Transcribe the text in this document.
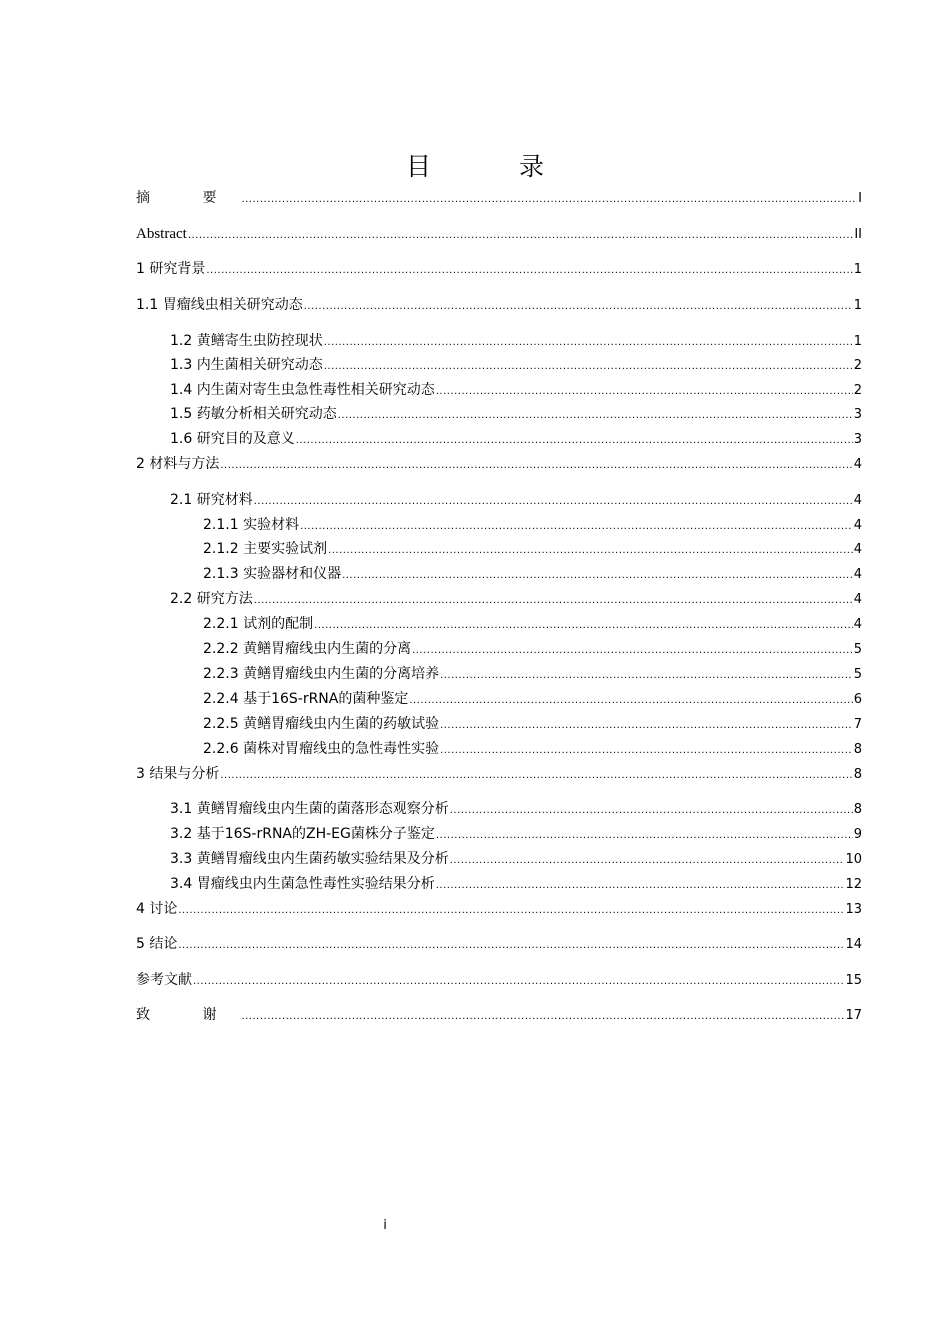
目 录
摘 要 .....	I
Abstract .....	II
1 研究背景 .....	1
1.1 胃瘤线虫相关研究动态 .....	1
1.2 黄鳝寄生虫防控现状 .....	1
1.3 内生菌相关研究动态 .....	2
1.4 内生菌对寄生虫急性毒性相关研究动态 .....	2
1.5 药敏分析相关研究动态 .....	3
1.6 研究目的及意义 .....	3
2 材料与方法 .....	4
2.1 研究材料 .....	4
2.1.1 实验材料 .....	4
2.1.2 主要实验试剂 .....	4
2.1.3 实验器材和仪器 .....	4
2.2 研究方法 .....	4
2.2.1 试剂的配制 .....	4
2.2.2 黄鳝胃瘤线虫内生菌的分离 .....	5
2.2.3 黄鳝胃瘤线虫内生菌的分离培养 .....	5
2.2.4 基于16S-rRNA的菌种鉴定 .....	6
2.2.5 黄鳝胃瘤线虫内生菌的药敏试验 .....	7
2.2.6 菌株对胃瘤线虫的急性毒性实验 .....	8
3 结果与分析 .....	8
3.1 黄鳝胃瘤线虫内生菌的菌落形态观察分析 .....	8
3.2 基于16S-rRNA的ZH-EG菌株分子鉴定 .....	9
3.3 黄鳝胃瘤线虫内生菌药敏实验结果及分析 .....	10
3.4 胃瘤线虫内生菌急性毒性实验结果分析 .....	12
4 讨论 .....	13
5 结论 .....	14
参考文献 .....	15
致 谢 .....	17
i
